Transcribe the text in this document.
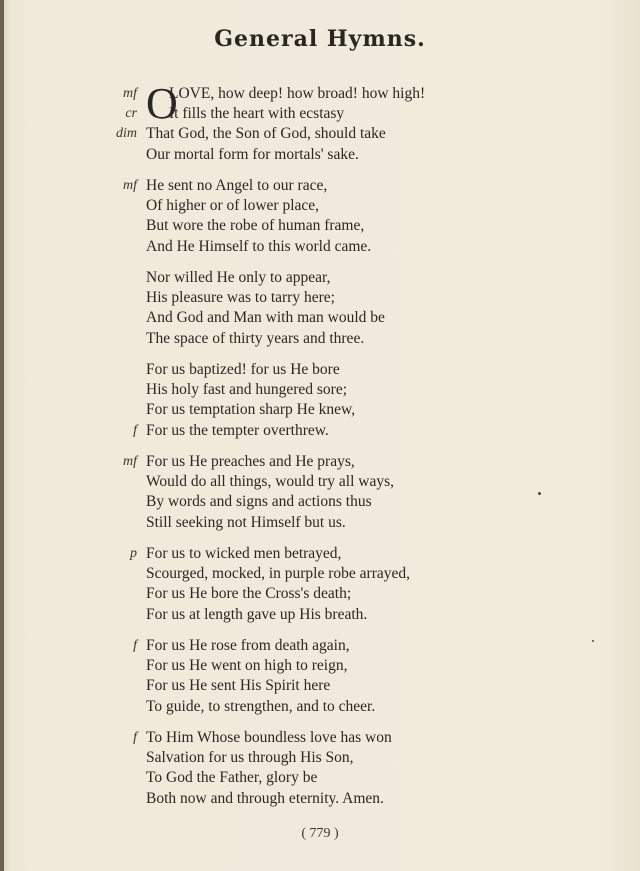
General Hymns.
O
mf LOVE, how deep! how broad! how high!
cr It fills the heart with ecstasy
dim That God, the Son of God, should take
Our mortal form for mortals' sake.
mf He sent no Angel to our race,
Of higher or of lower place,
But wore the robe of human frame,
And He Himself to this world came.
Nor willed He only to appear,
His pleasure was to tarry here;
And God and Man with man would be
The space of thirty years and three.
For us baptized! for us He bore
His holy fast and hungered sore;
For us temptation sharp He knew,
f For us the tempter overthrew.
mf For us He preaches and He prays,
Would do all things, would try all ways,
By words and signs and actions thus
Still seeking not Himself but us.
p For us to wicked men betrayed,
Scourged, mocked, in purple robe arrayed,
For us He bore the Cross's death;
For us at length gave up His breath.
f For us He rose from death again,
For us He went on high to reign,
For us He sent His Spirit here
To guide, to strengthen, and to cheer.
f To Him Whose boundless love has won
Salvation for us through His Son,
To God the Father, glory be
Both now and through eternity. Amen.
( 779 )
